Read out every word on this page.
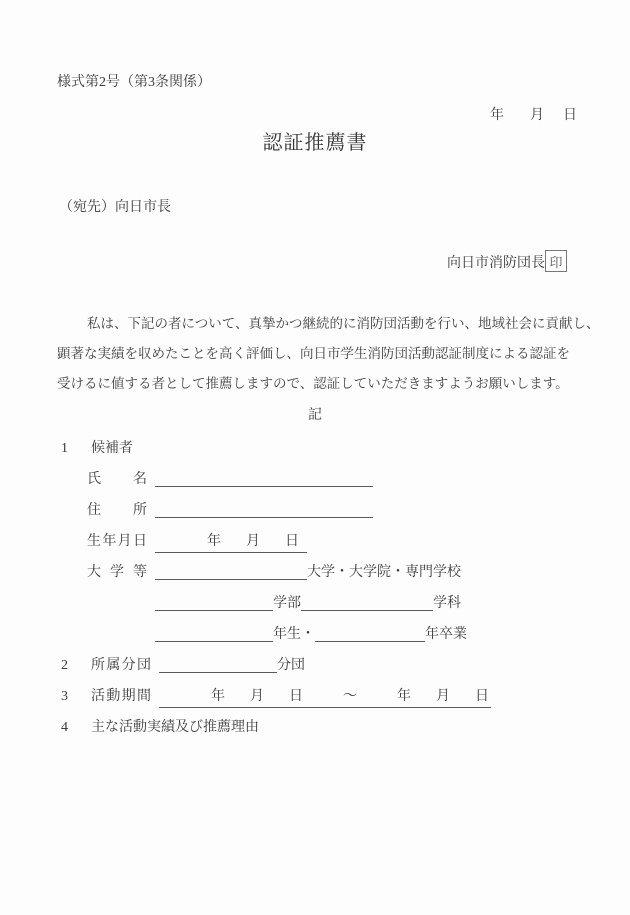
様式第2号（第3条関係）
年 月 日
認証推薦書
（宛先）向日市長
向日市消防団長 印
私は、下記の者について、真摯かつ継続的に消防団活動を行い、地域社会に貢献し、
顕著な実績を収めたことを高く評価し、向日市学生消防団活動認証制度による認証を
受けるに値する者として推薦しますので、認証していただきますようお願いします。
記
1 候補者
氏名
住所
生年月日	年 月 日
大学等	大学・大学院・専門学校
学部	学科
年生・	年卒業
2 所属分団	分団
3 活動期間	年 月 日	〜	年 月 日
4 主な活動実績及び推薦理由
